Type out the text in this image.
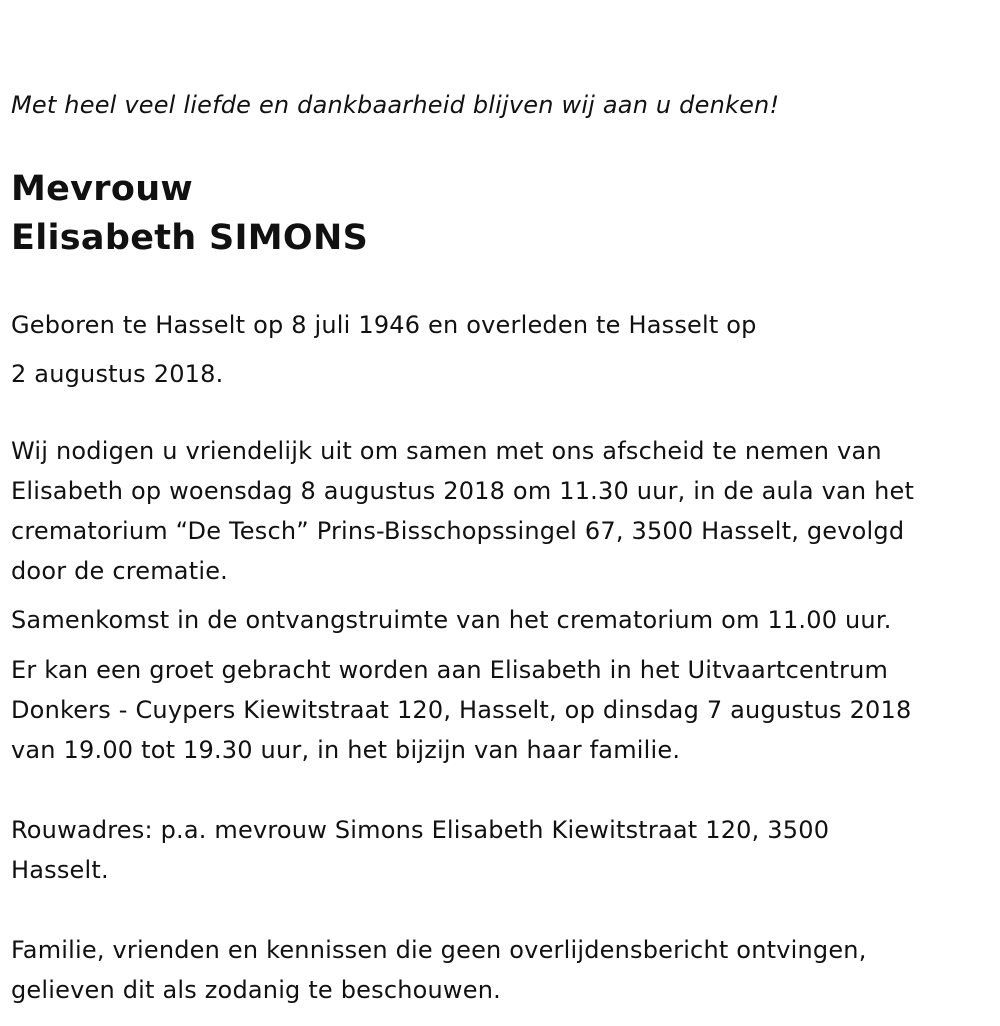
Met heel veel liefde en dankbaarheid blijven wij aan u denken!

Mevrouw
Elisabeth SIMONS

Geboren te Hasselt op 8 juli 1946 en overleden te Hasselt op
2 augustus 2018.

Wij nodigen u vriendelijk uit om samen met ons afscheid te nemen van
Elisabeth op woensdag 8 augustus 2018 om 11.30 uur, in de aula van het
crematorium “De Tesch” Prins-Bisschopssingel 67, 3500 Hasselt, gevolgd
door de crematie.

Samenkomst in de ontvangstruimte van het crematorium om 11.00 uur.

Er kan een groet gebracht worden aan Elisabeth in het Uitvaartcentrum
Donkers - Cuypers Kiewitstraat 120, Hasselt, op dinsdag 7 augustus 2018
van 19.00 tot 19.30 uur, in het bijzijn van haar familie.

Rouwadres: p.a. mevrouw Simons Elisabeth Kiewitstraat 120, 3500
Hasselt.

Familie, vrienden en kennissen die geen overlijdensbericht ontvingen,
gelieven dit als zodanig te beschouwen.
